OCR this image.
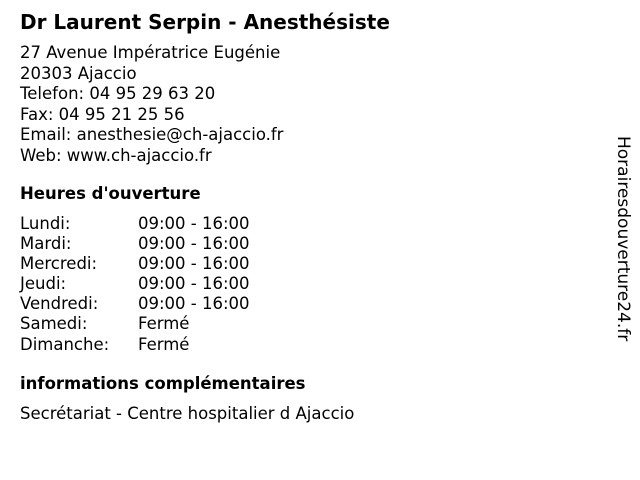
Dr Laurent Serpin - Anesthésiste
27 Avenue Impératrice Eugénie
20303 Ajaccio
Telefon: 04 95 29 63 20
Fax: 04 95 21 25 56
Email: anesthesie@ch-ajaccio.fr
Web: www.ch-ajaccio.fr
Heures d'ouverture
Lundi:	09:00 - 16:00
Mardi:	09:00 - 16:00
Mercredi: 09:00 - 16:00
Jeudi:	09:00 - 16:00
Vendredi: 09:00 - 16:00
Samedi:	Fermé
Dimanche: Fermé
informations complémentaires
Secrétariat - Centre hospitalier d Ajaccio
Horairesdouverture24.fr
